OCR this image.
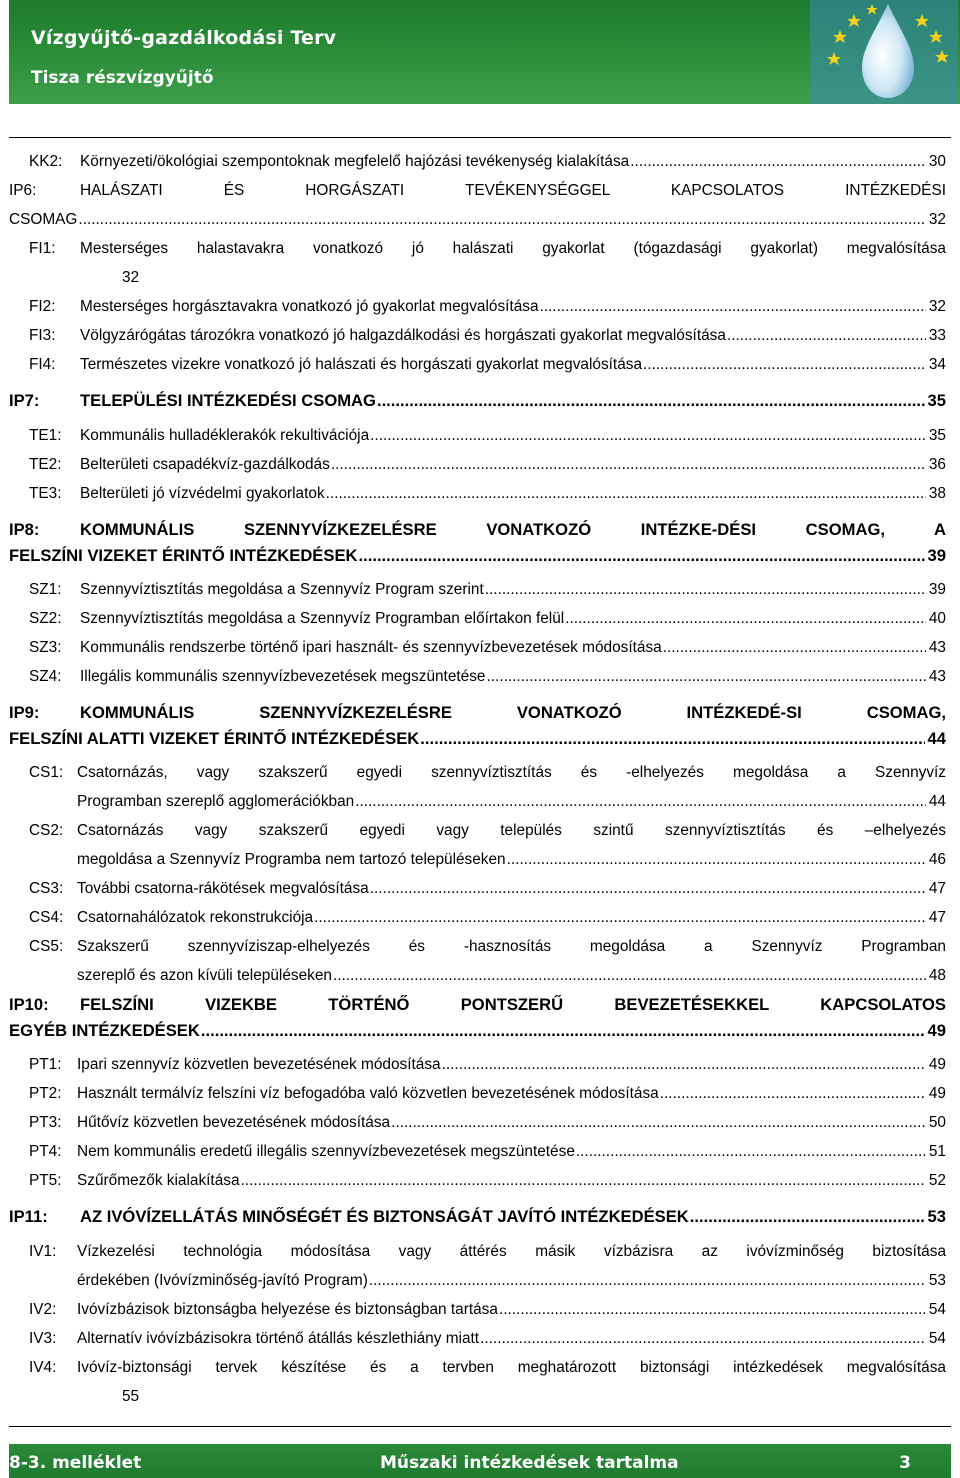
Vízgyűjtő-gazdálkodási Terv
Tisza részvízgyűjtő
KK2: Környezeti/ökológiai szempontoknak megfelelő hajózási tevékenység kialakítása .....	30
IP6:	HALÁSZATI ÉS HORGÁSZATI TEVÉKENYSÉGGEL KAPCSOLATOS INTÉZKEDÉSI
CSOMAG .....	32
FI1: Mesterséges halastavakra vonatkozó jó halászati gyakorlat (tógazdasági gyakorlat) megvalósítása
32
FI2: Mesterséges horgásztavakra vonatkozó jó gyakorlat megvalósítása .....	32
FI3: Völgyzárógátas tározókra vonatkozó jó halgazdálkodási és horgászati gyakorlat megvalósítása .....	33
FI4: Természetes vizekre vonatkozó jó halászati és horgászati gyakorlat megvalósítása .....	34
IP7: TELEPÜLÉSI INTÉZKEDÉSI CSOMAG .....	35
TE1: Kommunális hulladéklerakók rekultivációja .....	35
TE2: Belterületi csapadékvíz-gazdálkodás .....	36
TE3: Belterületi jó vízvédelmi gyakorlatok .....	38
IP8: KOMMUNÁLIS SZENNYVÍZKEZELÉSRE VONATKOZÓ INTÉZKE-DÉSI CSOMAG, A
FELSZÍNI VIZEKET ÉRINTŐ INTÉZKEDÉSEK .....	39
SZ1: Szennyvíztisztítás megoldása a Szennyvíz Program szerint .....	39
SZ2: Szennyvíztisztítás megoldása a Szennyvíz Programban előírtakon felül .....	40
SZ3: Kommunális rendszerbe történő ipari használt- és szennyvízbevezetések módosítása .....	43
SZ4: Illegális kommunális szennyvízbevezetések megszüntetése .....	43
IP9: KOMMUNÁLIS SZENNYVÍZKEZELÉSRE VONATKOZÓ INTÉZKEDÉ-SI CSOMAG,
FELSZÍNI ALATTI VIZEKET ÉRINTŐ INTÉZKEDÉSEK .....	44
CS1: Csatornázás, vagy szakszerű egyedi szennyvíztisztítás és -elhelyezés megoldása a Szennyvíz
Programban szereplő agglomerációkban .....	44
CS2: Csatornázás vagy szakszerű egyedi vagy település szintű szennyvíztisztítás és –elhelyezés
megoldása a Szennyvíz Programba nem tartozó településeken .....	46
CS3: További csatorna-rákötések megvalósítása .....	47
CS4: Csatornahálózatok rekonstrukciója .....	47
CS5: Szakszerű szennyvíziszap-elhelyezés és -hasznosítás megoldása a Szennyvíz Programban
szereplő és azon kívüli településeken .....	48
IP10: FELSZÍNI VIZEKBE TÖRTÉNŐ PONTSZERŰ BEVEZETÉSEKKEL KAPCSOLATOS
EGYÉB INTÉZKEDÉSEK .....	49
PT1: Ipari szennyvíz közvetlen bevezetésének módosítása .....	49
PT2: Használt termálvíz felszíni víz befogadóba való közvetlen bevezetésének módosítása .....	49
PT3: Hűtővíz közvetlen bevezetésének módosítása .....	50
PT4: Nem kommunális eredetű illegális szennyvízbevezetések megszüntetése .....	51
PT5: Szűrőmezők kialakítása .....	52
IP11: AZ IVÓVÍZELLÁTÁS MINŐSÉGÉT ÉS BIZTONSÁGÁT JAVÍTÓ INTÉZKEDÉSEK .....	53
IV1: Vízkezelési technológia módosítása vagy áttérés másik vízbázisra az ivóvízminőség biztosítása
érdekében (Ivóvízminőség-javító Program) .....	53
IV2: Ivóvízbázisok biztonságba helyezése és biztonságban tartása .....	54
IV3: Alternatív ivóvízbázisokra történő átállás készlethiány miatt .....	54
IV4: Ivóvíz-biztonsági tervek készítése és a tervben meghatározott biztonsági intézkedések megvalósítása
55
8-3. melléklet	Műszaki intézkedések tartalma	3
